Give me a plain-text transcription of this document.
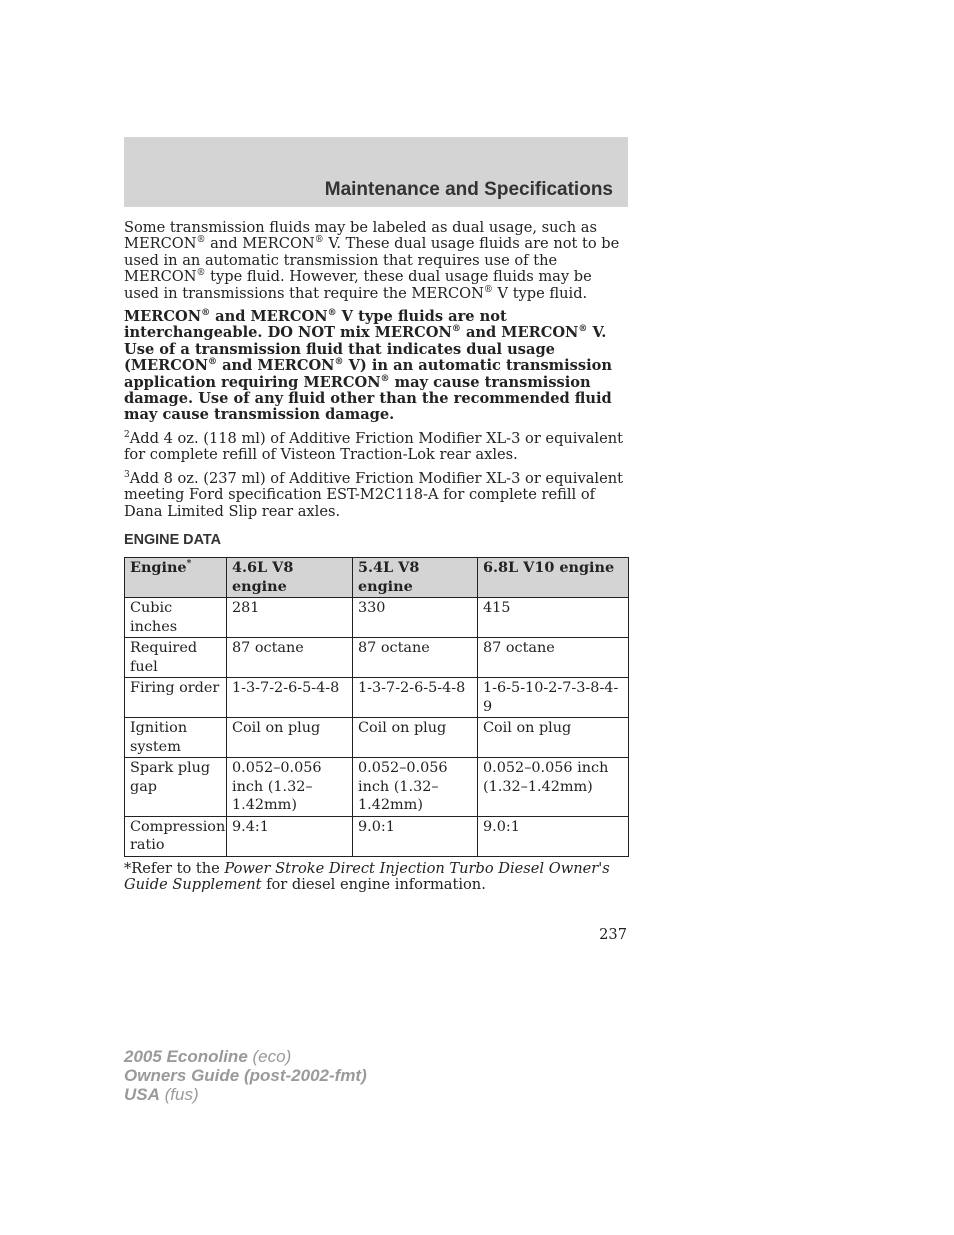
Maintenance and Specifications

Some transmission fluids may be labeled as dual usage, such as MERCON® and MERCON® V. These dual usage fluids are not to be used in an automatic transmission that requires use of the MERCON® type fluid. However, these dual usage fluids may be used in transmissions that require the MERCON® V type fluid.

MERCON® and MERCON® V type fluids are not interchangeable. DO NOT mix MERCON® and MERCON® V. Use of a transmission fluid that indicates dual usage (MERCON® and MERCON® V) in an automatic transmission application requiring MERCON® may cause transmission damage. Use of any fluid other than the recommended fluid may cause transmission damage.

$^2$Add 4 oz. (118 ml) of Additive Friction Modifier XL-3 or equivalent for complete refill of Visteon Traction-Lok rear axles.

$^3$Add 8 oz. (237 ml) of Additive Friction Modifier XL-3 or equivalent meeting Ford specification EST-M2C118-A for complete refill of Dana Limited Slip rear axles.

ENGINE DATA
Engine*	4.6L V8 engine	5.4L V8 engine	6.8L V10 engine
Cubic inches	281	330	415
Required fuel	87 octane	87 octane	87 octane
Firing order	1-3-7-2-6-5-4-8	1-3-7-2-6-5-4-8	1-6-5-10-2-7-3-8-4-9
Ignition system	Coil on plug	Coil on plug	Coil on plug
Spark plug gap	0.052–0.056 inch (1.32–1.42mm)	0.052–0.056 inch (1.32–1.42mm)	0.052–0.056 inch (1.32–1.42mm)
Compression ratio	9.4:1	9.0:1	9.0:1
*Refer to the Power Stroke Direct Injection Turbo Diesel Owner's Guide Supplement for diesel engine information.
237
2005 Econoline (eco)
Owners Guide (post-2002-fmt)
USA (fus)
